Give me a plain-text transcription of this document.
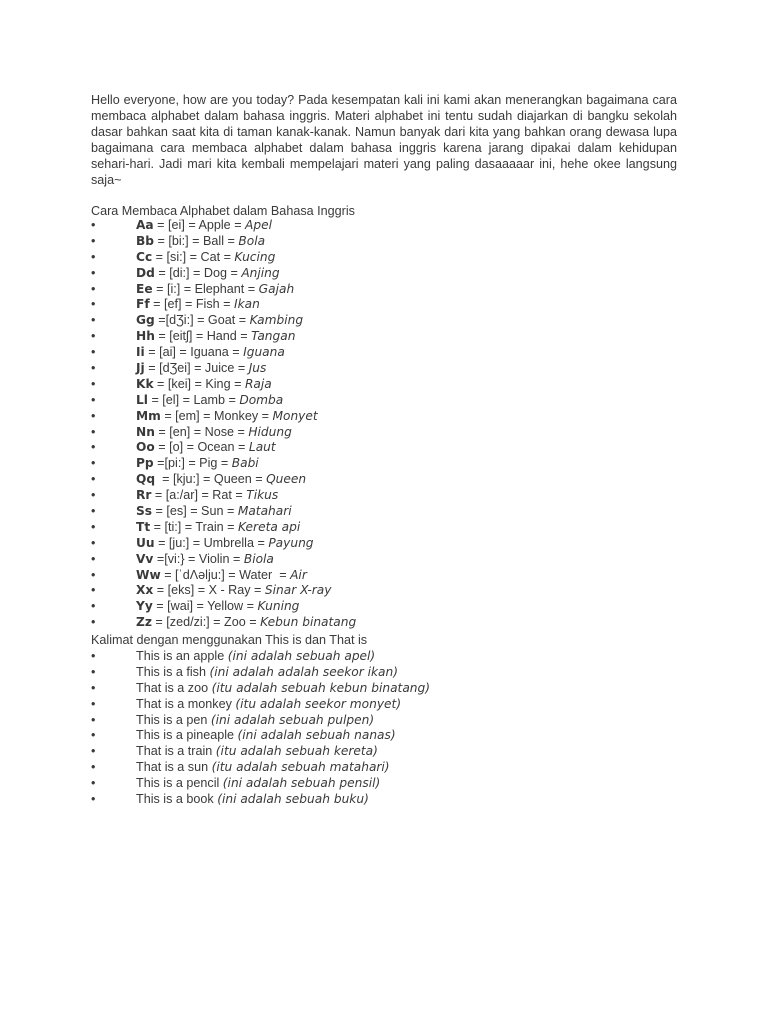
Hello everyone, how are you today? Pada kesempatan kali ini kami akan menerangkan bagaimana cara membaca alphabet dalam bahasa inggris. Materi alphabet ini tentu sudah diajarkan di bangku sekolah dasar bahkan saat kita di taman kanak-kanak. Namun banyak dari kita yang bahkan orang dewasa lupa bagaimana cara membaca alphabet dalam bahasa inggris karena jarang dipakai dalam kehidupan sehari-hari. Jadi mari kita kembali mempelajari materi yang paling dasaaaaar ini, hehe okee langsung saja~

Cara Membaca Alphabet dalam Bahasa Inggris
•	Aa = [ei] = Apple = Apel
•	Bb = [bi:] = Ball = Bola
•	Cc = [si:] = Cat = Kucing
•	Dd = [di:] = Dog = Anjing
•	Ee = [i:] = Elephant = Gajah
•	Ff = [ef] = Fish = Ikan
•	Gg =[dƷi:] = Goat = Kambing
•	Hh = [eitʃ] = Hand = Tangan
•	Ii = [ai] = Iguana = Iguana
•	Jj = [dƷei] = Juice = Jus
•	Kk = [kei] = King = Raja
•	Ll = [el] = Lamb = Domba
•	Mm = [em] = Monkey = Monyet
•	Nn = [en] = Nose = Hidung
•	Oo = [o] = Ocean = Laut
•	Pp =[pi:] = Pig = Babi
•	Qq  = [kju:] = Queen = Queen
•	Rr = [a:/ar] = Rat = Tikus
•	Ss = [es] = Sun = Matahari
•	Tt = [ti:] = Train = Kereta api
•	Uu = [ju:] = Umbrella = Payung
•	Vv =[vi:} = Violin = Biola
•	Ww = [ˈdΛəlju:] = Water  = Air
•	Xx = [eks] = X - Ray = Sinar X-ray
•	Yy = [wai] = Yellow = Kuning
•	Zz = [zed/zi:] = Zoo = Kebun binatang
Kalimat dengan menggunakan This is dan That is
•	This is an apple (ini adalah sebuah apel)
•	This is a fish (ini adalah adalah seekor ikan)
•	That is a zoo (itu adalah sebuah kebun binatang)
•	That is a monkey (itu adalah seekor monyet)
•	This is a pen (ini adalah sebuah pulpen)
•	This is a pineaple (ini adalah sebuah nanas)
•	That is a train (itu adalah sebuah kereta)
•	That is a sun (itu adalah sebuah matahari)
•	This is a pencil (ini adalah sebuah pensil)
•	This is a book (ini adalah sebuah buku)
